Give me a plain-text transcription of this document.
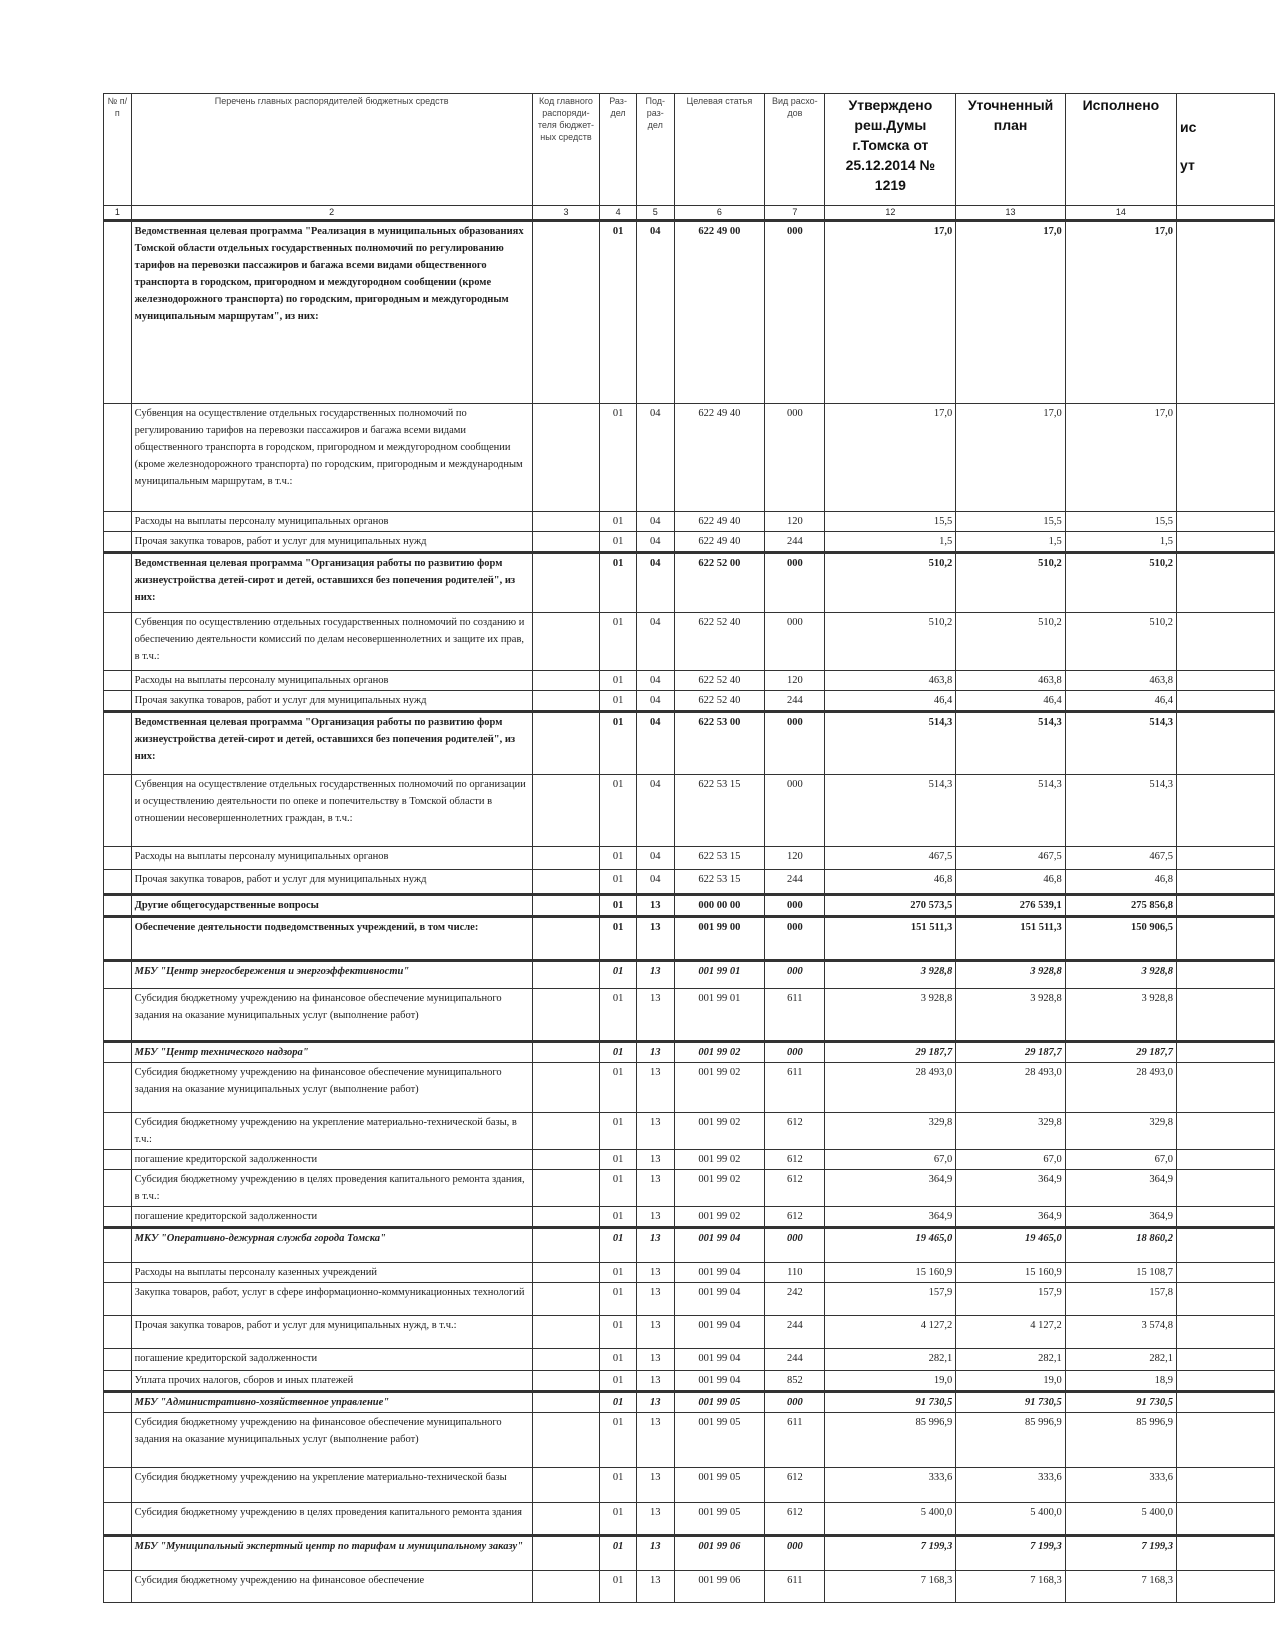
№ п/п	Перечень главных распорядителей бюджетных средств	Код главного распоряди-теля бюджет-ных средств	Раз-дел	Под-раз-дел	Целевая статья	Вид расхо-дов	Утверждено реш.Думы г.Томска от 25.12.2014 № 1219	Уточненный план	Исполнено	ис
ут

1	2	3	4	5	6	7	12	13	14	
	Ведомственная целевая программа "Реализация в муниципальных образованиях Томской области отдельных государственных полномочий по регулированию тарифов на перевозки пассажиров и багажа всеми видами общественного транспорта в городском, пригородном и междугородном сообщении (кроме железнодорожного транспорта) по городским, пригородным и междугородным муниципальным маршрутам", из них:		01	04	622 49 00	000	17,0	17,0	17,0	
	Субвенция на осуществление отдельных государственных полномочий по регулированию тарифов на перевозки пассажиров и багажа всеми видами общественного транспорта в городском, пригородном и междугородном сообщении (кроме железнодорожного транспорта) по городским, пригородным и международным муниципальным маршрутам, в т.ч.:		01	04	622 49 40	000	17,0	17,0	17,0	
	Расходы на выплаты персоналу муниципальных органов		01	04	622 49 40	120	15,5	15,5	15,5	
	Прочая закупка товаров, работ и услуг для муниципальных нужд		01	04	622 49 40	244	1,5	1,5	1,5	
	Ведомственная целевая программа "Организация работы по развитию форм жизнеустройства детей-сирот и детей, оставшихся без попечения родителей", из них:		01	04	622 52 00	000	510,2	510,2	510,2	
	Субвенция по осуществлению отдельных государственных полномочий по созданию и обеспечению деятельности комиссий по делам несовершеннолетних и защите их прав, в т.ч.:		01	04	622 52 40	000	510,2	510,2	510,2	
	Расходы на выплаты персоналу муниципальных органов		01	04	622 52 40	120	463,8	463,8	463,8	
	Прочая закупка товаров, работ и услуг для муниципальных нужд		01	04	622 52 40	244	46,4	46,4	46,4	
	Ведомственная целевая программа "Организация работы по развитию форм жизнеустройства детей-сирот и детей, оставшихся без попечения родителей", из них:		01	04	622 53 00	000	514,3	514,3	514,3	
	Субвенция на осуществление отдельных государственных полномочий по организации и осуществлению деятельности по опеке и попечительству в Томской области в отношении несовершеннолетних граждан, в т.ч.:		01	04	622 53 15	000	514,3	514,3	514,3	
	Расходы на выплаты персоналу муниципальных органов		01	04	622 53 15	120	467,5	467,5	467,5	
	Прочая закупка товаров, работ и услуг для муниципальных нужд		01	04	622 53 15	244	46,8	46,8	46,8	
	Другие общегосударственные вопросы		01	13	000 00 00	000	270 573,5	276 539,1	275 856,8	
	Обеспечение деятельности подведомственных учреждений, в том числе:		01	13	001 99 00	000	151 511,3	151 511,3	150 906,5	
	МБУ "Центр энергосбережения и энергоэффективности"		01	13	001 99 01	000	3 928,8	3 928,8	3 928,8	
	Субсидия бюджетному учреждению на финансовое обеспечение муниципального задания на оказание муниципальных услуг (выполнение работ)		01	13	001 99 01	611	3 928,8	3 928,8	3 928,8	
	МБУ "Центр технического надзора"		01	13	001 99 02	000	29 187,7	29 187,7	29 187,7	
	Субсидия бюджетному учреждению на финансовое обеспечение муниципального задания на оказание муниципальных услуг (выполнение работ)		01	13	001 99 02	611	28 493,0	28 493,0	28 493,0	
	Субсидия бюджетному учреждению на укрепление материально-технической базы, в т.ч.:		01	13	001 99 02	612	329,8	329,8	329,8	
	погашение кредиторской задолженности		01	13	001 99 02	612	67,0	67,0	67,0	
	Субсидия бюджетному учреждению в целях проведения капитального ремонта здания, в т.ч.:		01	13	001 99 02	612	364,9	364,9	364,9	
	погашение кредиторской задолженности		01	13	001 99 02	612	364,9	364,9	364,9	
	МКУ "Оперативно-дежурная служба города Томска"		01	13	001 99 04	000	19 465,0	19 465,0	18 860,2	
	Расходы на выплаты персоналу казенных учреждений		01	13	001 99 04	110	15 160,9	15 160,9	15 108,7	
	Закупка товаров, работ, услуг в сфере информационно-коммуникационных технологий		01	13	001 99 04	242	157,9	157,9	157,8	
	Прочая закупка товаров, работ и услуг для муниципальных нужд, в т.ч.:		01	13	001 99 04	244	4 127,2	4 127,2	3 574,8	
	погашение кредиторской задолженности		01	13	001 99 04	244	282,1	282,1	282,1	
	Уплата прочих налогов, сборов и иных платежей		01	13	001 99 04	852	19,0	19,0	18,9	
	МБУ "Административно-хозяйственное управление"		01	13	001 99 05	000	91 730,5	91 730,5	91 730,5	
	Субсидия бюджетному учреждению на финансовое обеспечение муниципального задания на оказание муниципальных услуг (выполнение работ)		01	13	001 99 05	611	85 996,9	85 996,9	85 996,9	
	Субсидия бюджетному учреждению на укрепление материально-технической базы		01	13	001 99 05	612	333,6	333,6	333,6	
	Субсидия бюджетному учреждению в целях проведения капитального ремонта здания		01	13	001 99 05	612	5 400,0	5 400,0	5 400,0	
	МБУ "Муниципальный экспертный центр по тарифам и муниципальному заказу"		01	13	001 99 06	000	7 199,3	7 199,3	7 199,3	
	Субсидия бюджетному учреждению на финансовое обеспечение		01	13	001 99 06	611	7 168,3	7 168,3	7 168,3	
